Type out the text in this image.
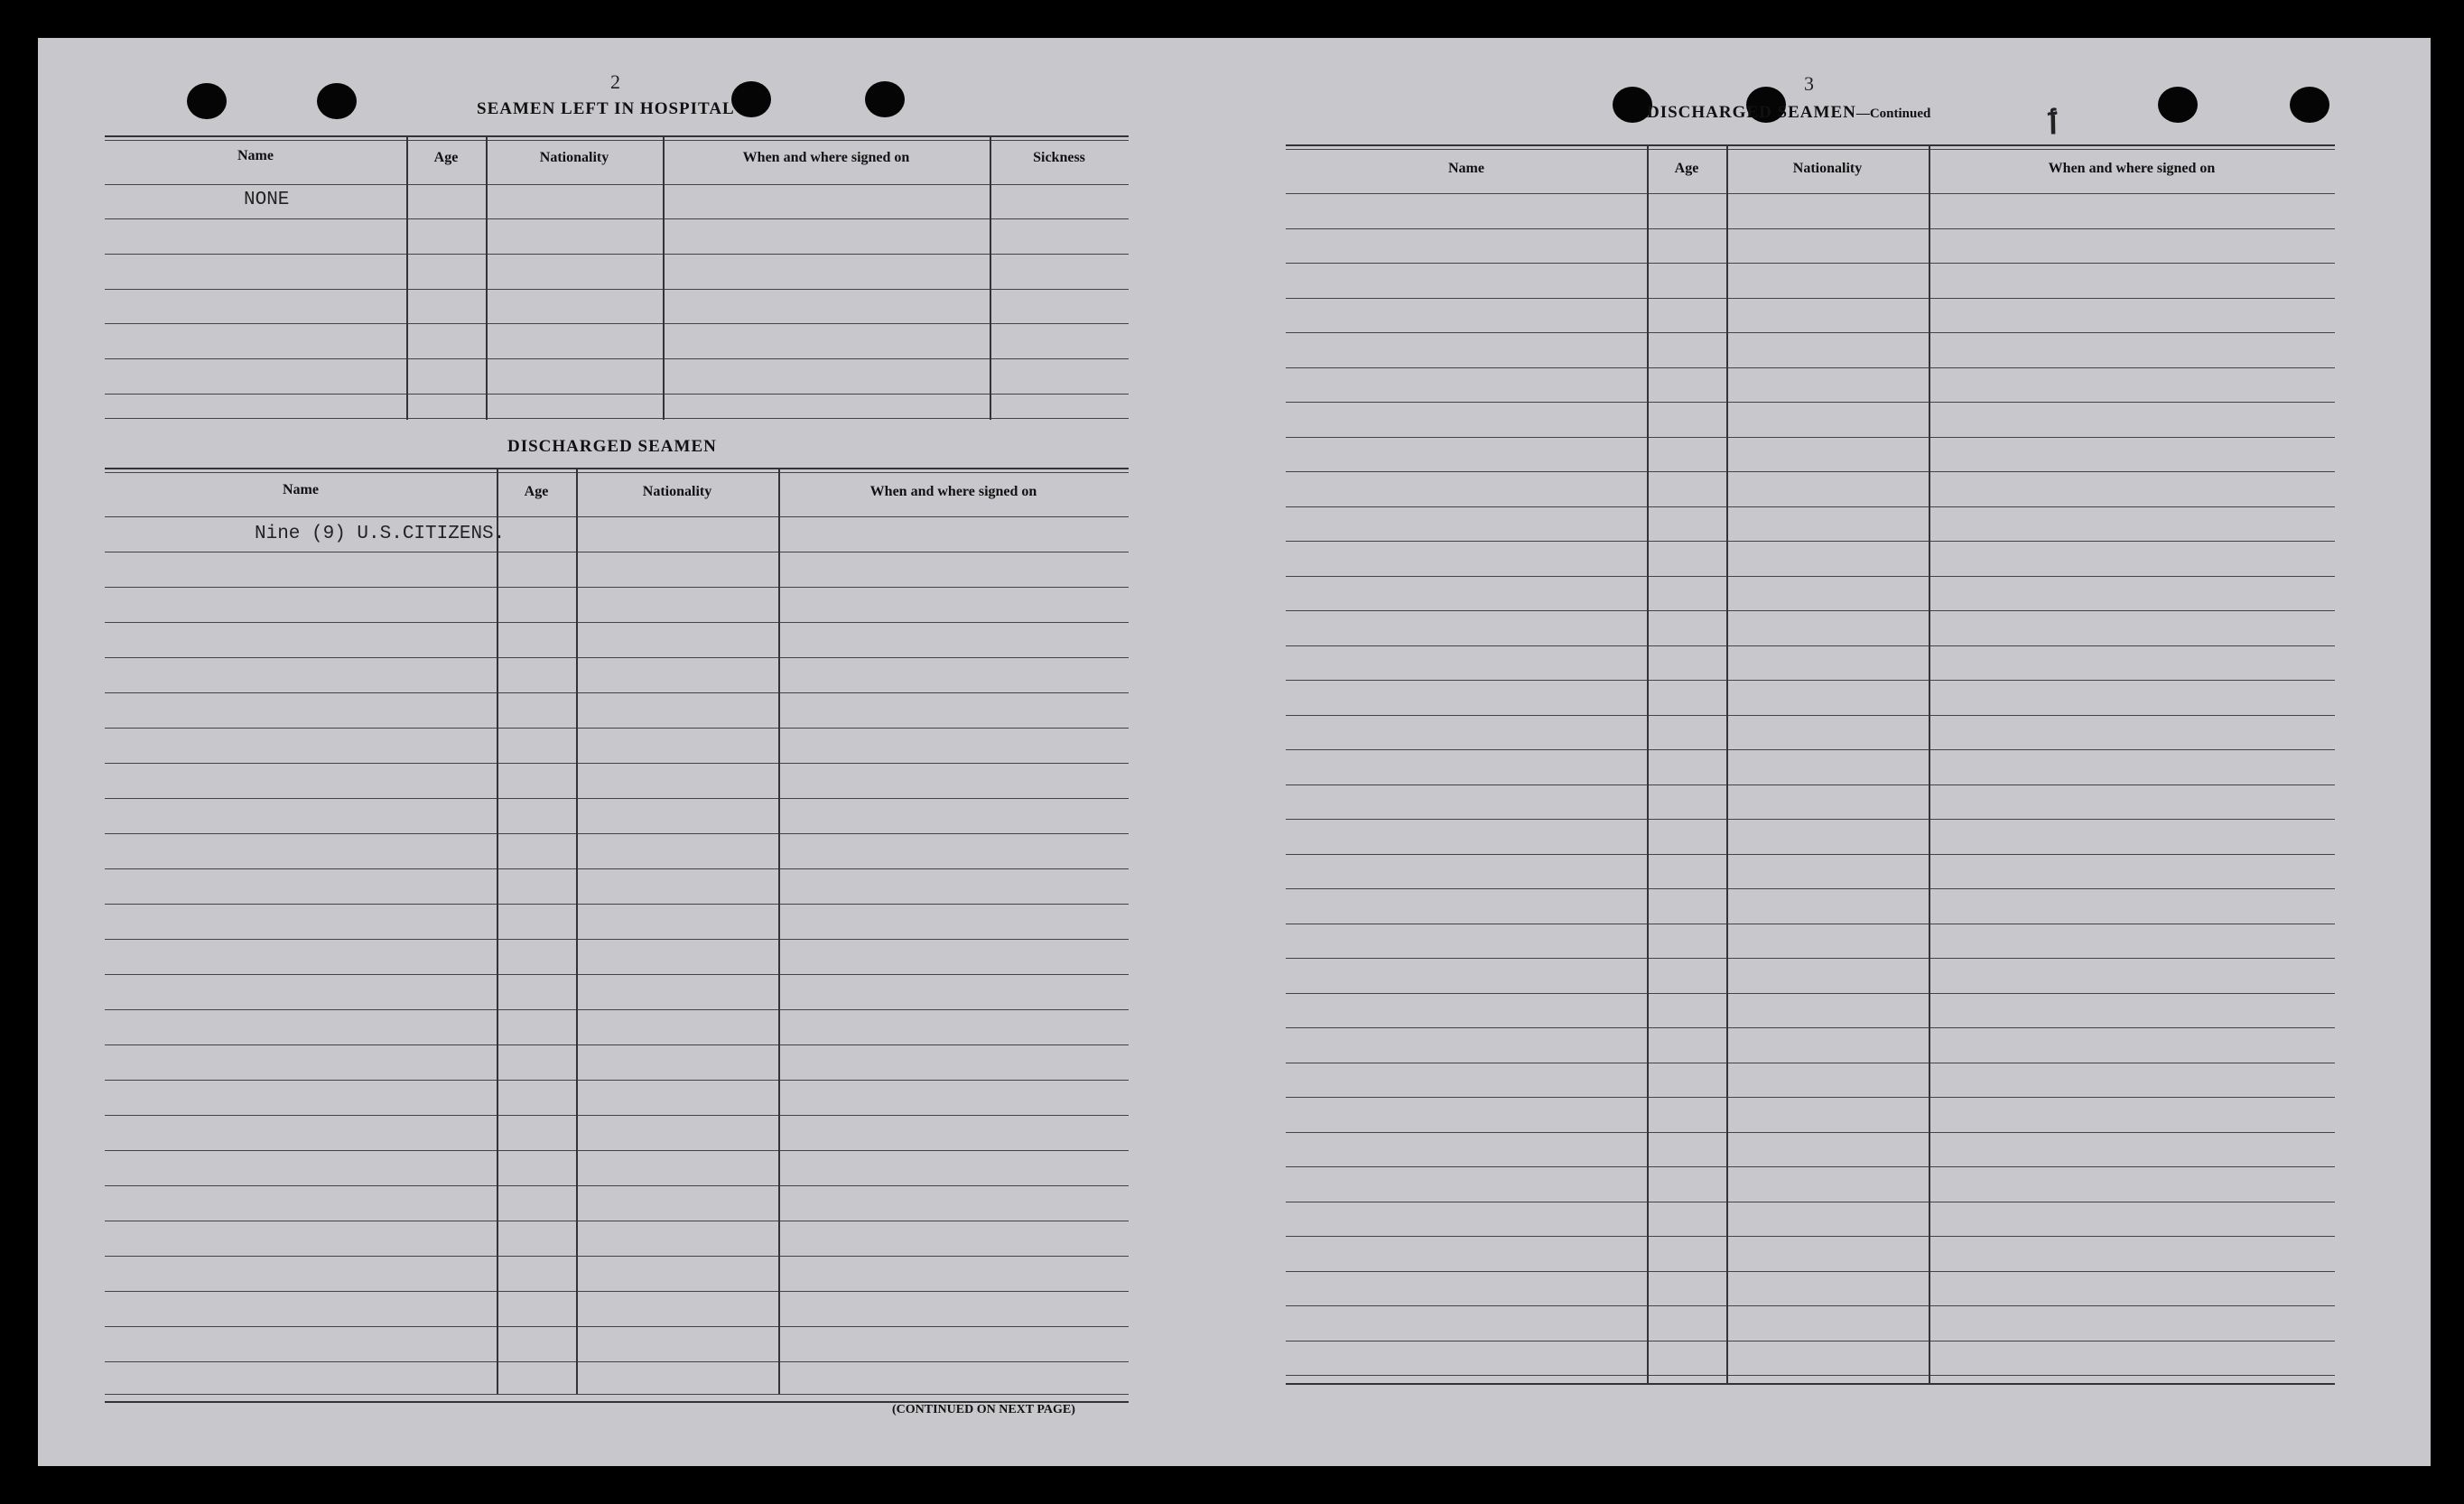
2
SEAMEN LEFT IN HOSPITAL
Name	Age	Nationality	When and where signed on	Sickness
NONE
DISCHARGED SEAMEN
Name	Age	Nationality	When and where signed on
Nine (9) U.S.CITIZENS.
(CONTINUED ON NEXT PAGE)
3
DISCHARGED SEAMEN—Continued	ٲ
Name	Age	Nationality	When and where signed on
